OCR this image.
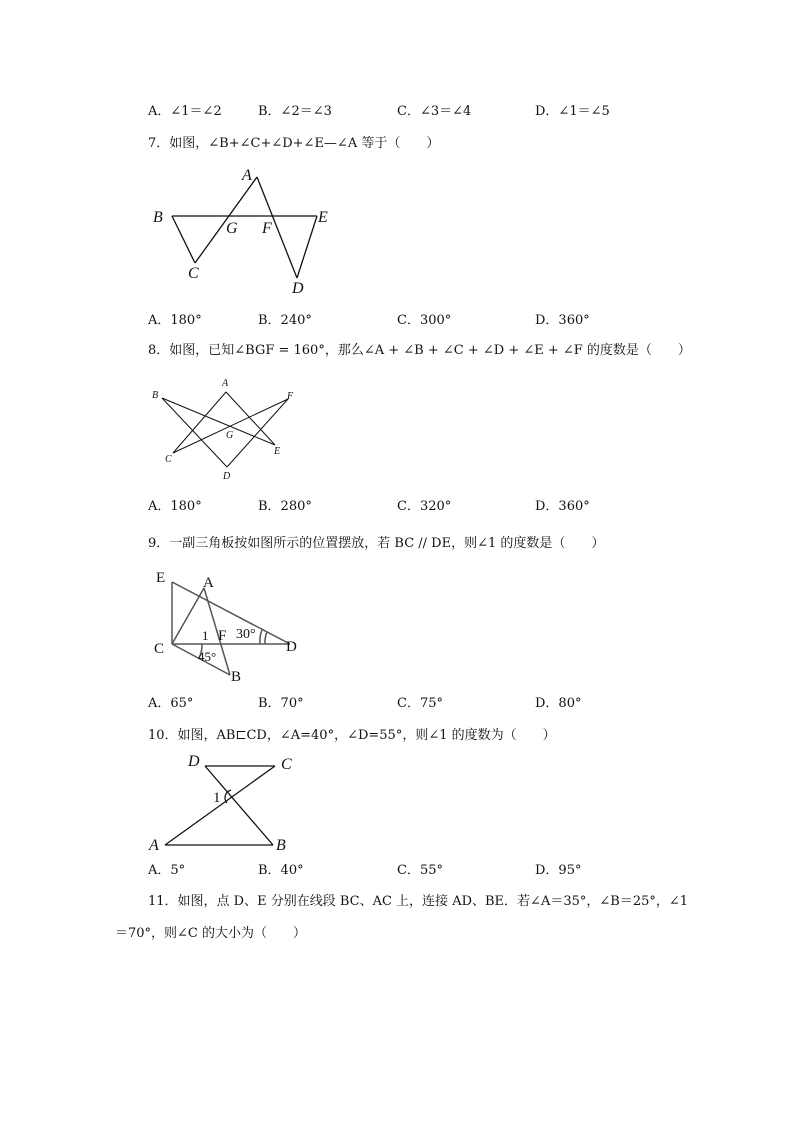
A．∠1＝∠2	B．∠2＝∠3	C．∠3＝∠4	D．∠1＝∠5
7．如图，∠B+∠C+∠D+∠E—∠A 等于（　　）
A
B
C
D
E
F
G
A．180°	B．240°	C．300°	D．360°
8．如图，已知∠BGF = 160°，那么∠A + ∠B + ∠C + ∠D + ∠E + ∠F 的度数是（　　）
A
B
C
D
E
F
G
A．180°	B．280°	C．320°	D．360°
9．一副三角板按如图所示的位置摆放，若 BC // DE，则∠1 的度数是（　　）
E	A
C	D
B
F
1 30°
45°
A．65°	B．70°	C．75°	D．80°
10．如图，AB⊏CD，∠A=40°，∠D=55°，则∠1 的度数为（　　）
D	C
A	B
1
A．5°	B．40°	C．55°	D．95°
11．如图，点 D、E 分别在线段 BC、AC 上，连接 AD、BE．若∠A＝35°，∠B＝25°，∠1
＝70°，则∠C 的大小为（　　）
